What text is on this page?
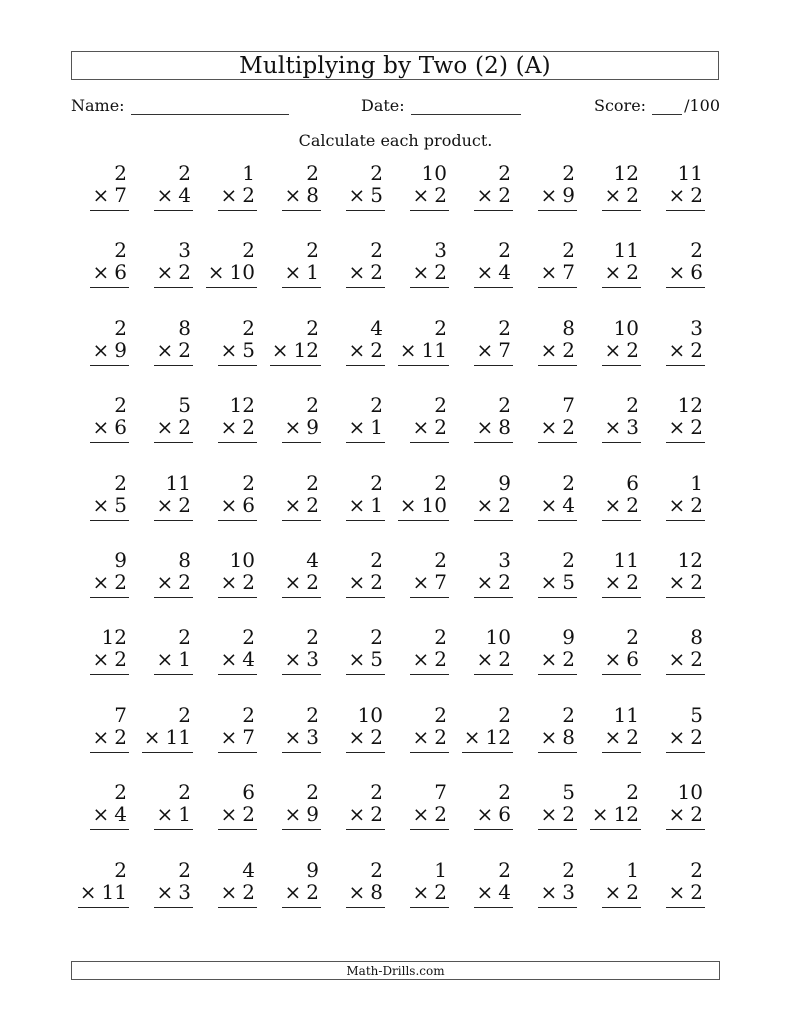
Multiplying by Two (2) (A)
Name:	Date:	Score: /100
Calculate each product.
2
× 7
2
× 4
1
× 2
2
× 8
2
× 5
10
× 2
2
× 2
2
× 9
12
× 2
11
× 2
2
× 6
3
× 2
2
× 10
2
× 1
2
× 2
3
× 2
2
× 4
2
× 7
11
× 2
2
× 6
2
× 9
8
× 2
2
× 5
2
× 12
4
× 2
2
× 11
2
× 7
8
× 2
10
× 2
3
× 2
2
× 6
5
× 2
12
× 2
2
× 9
2
× 1
2
× 2
2
× 8
7
× 2
2
× 3
12
× 2
2
× 5
11
× 2
2
× 6
2
× 2
2
× 1
2
× 10
9
× 2
2
× 4
6
× 2
1
× 2
9
× 2
8
× 2
10
× 2
4
× 2
2
× 2
2
× 7
3
× 2
2
× 5
11
× 2
12
× 2
12
× 2
2
× 1
2
× 4
2
× 3
2
× 5
2
× 2
10
× 2
9
× 2
2
× 6
8
× 2
7
× 2
2
× 11
2
× 7
2
× 3
10
× 2
2
× 2
2
× 12
2
× 8
11
× 2
5
× 2
2
× 4
2
× 1
6
× 2
2
× 9
2
× 2
7
× 2
2
× 6
5
× 2
2
× 12
10
× 2
2
× 11
2
× 3
4
× 2
9
× 2
2
× 8
1
× 2
2
× 4
2
× 3
1
× 2
2
× 2
Math-Drills.com
